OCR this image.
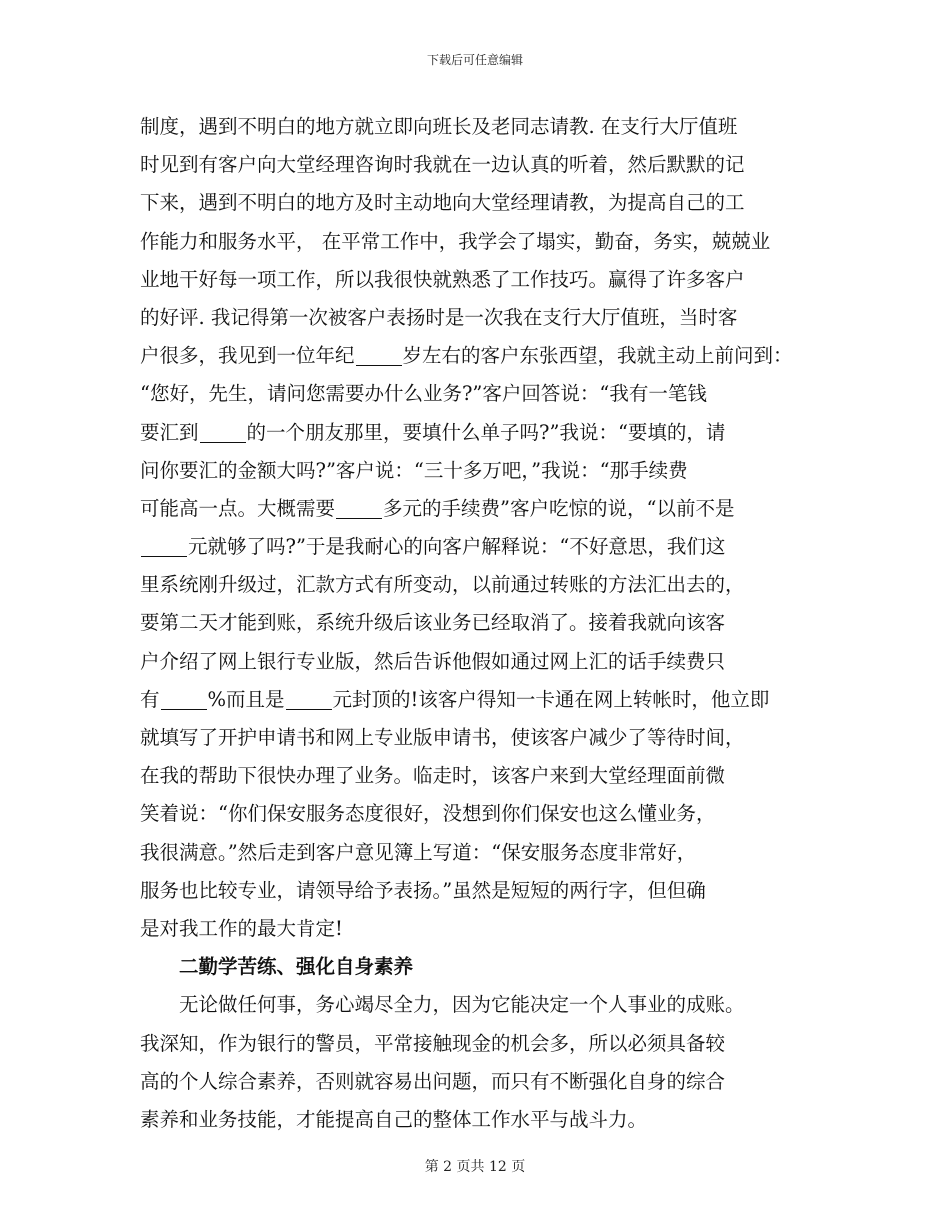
下载后可任意编辑
制度，遇到不明白的地方就立即向班长及老同志请教. 在支行大厅值班
时见到有客户向大堂经理咨询时我就在一边认真的听着，然后默默的记
下来，遇到不明白的地方及时主动地向大堂经理请教，为提高自己的工
作能力和服务水平， 在平常工作中，我学会了塌实，勤奋，务实，兢兢业
业地干好每一项工作，所以我很快就熟悉了工作技巧。赢得了许多客户
的好评. 我记得第一次被客户表扬时是一次我在支行大厅值班，当时客
户很多，我见到一位年纪 岁左右的客户东张西望，我就主动上前问到：
“您好，先生，请问您需要办什么业务?”客户回答说：“我有一笔钱
要汇到 的一个朋友那里，要填什么单子吗?”我说：“要填的，请
问你要汇的金额大吗?”客户说：“三十多万吧，”我说：“那手续费
可能高一点。大概需要 多元的手续费”客户吃惊的说，“以前不是
元就够了吗?”于是我耐心的向客户解释说：“不好意思，我们这
里系统刚升级过，汇款方式有所变动，以前通过转账的方法汇出去的，
要第二天才能到账，系统升级后该业务已经取消了。接着我就向该客
户介绍了网上银行专业版，然后告诉他假如通过网上汇的话手续费只
有 %而且是 元封顶的!该客户得知一卡通在网上转帐时，他立即
就填写了开护申请书和网上专业版申请书，使该客户减少了等待时间，
在我的帮助下很快办理了业务。临走时，该客户来到大堂经理面前微
笑着说：“你们保安服务态度很好，没想到你们保安也这么懂业务，
我很满意。”然后走到客户意见簿上写道：“保安服务态度非常好，
服务也比较专业，请领导给予表扬。”虽然是短短的两行字，但但确
是对我工作的最大肯定!
二勤学苦练、强化自身素养
无论做任何事，务心竭尽全力，因为它能决定一个人事业的成账。
我深知，作为银行的警员，平常接触现金的机会多，所以必须具备较
高的个人综合素养，否则就容易出问题，而只有不断强化自身的综合
素养和业务技能，才能提高自己的整体工作水平与战斗力。
第 2 页共 12 页
